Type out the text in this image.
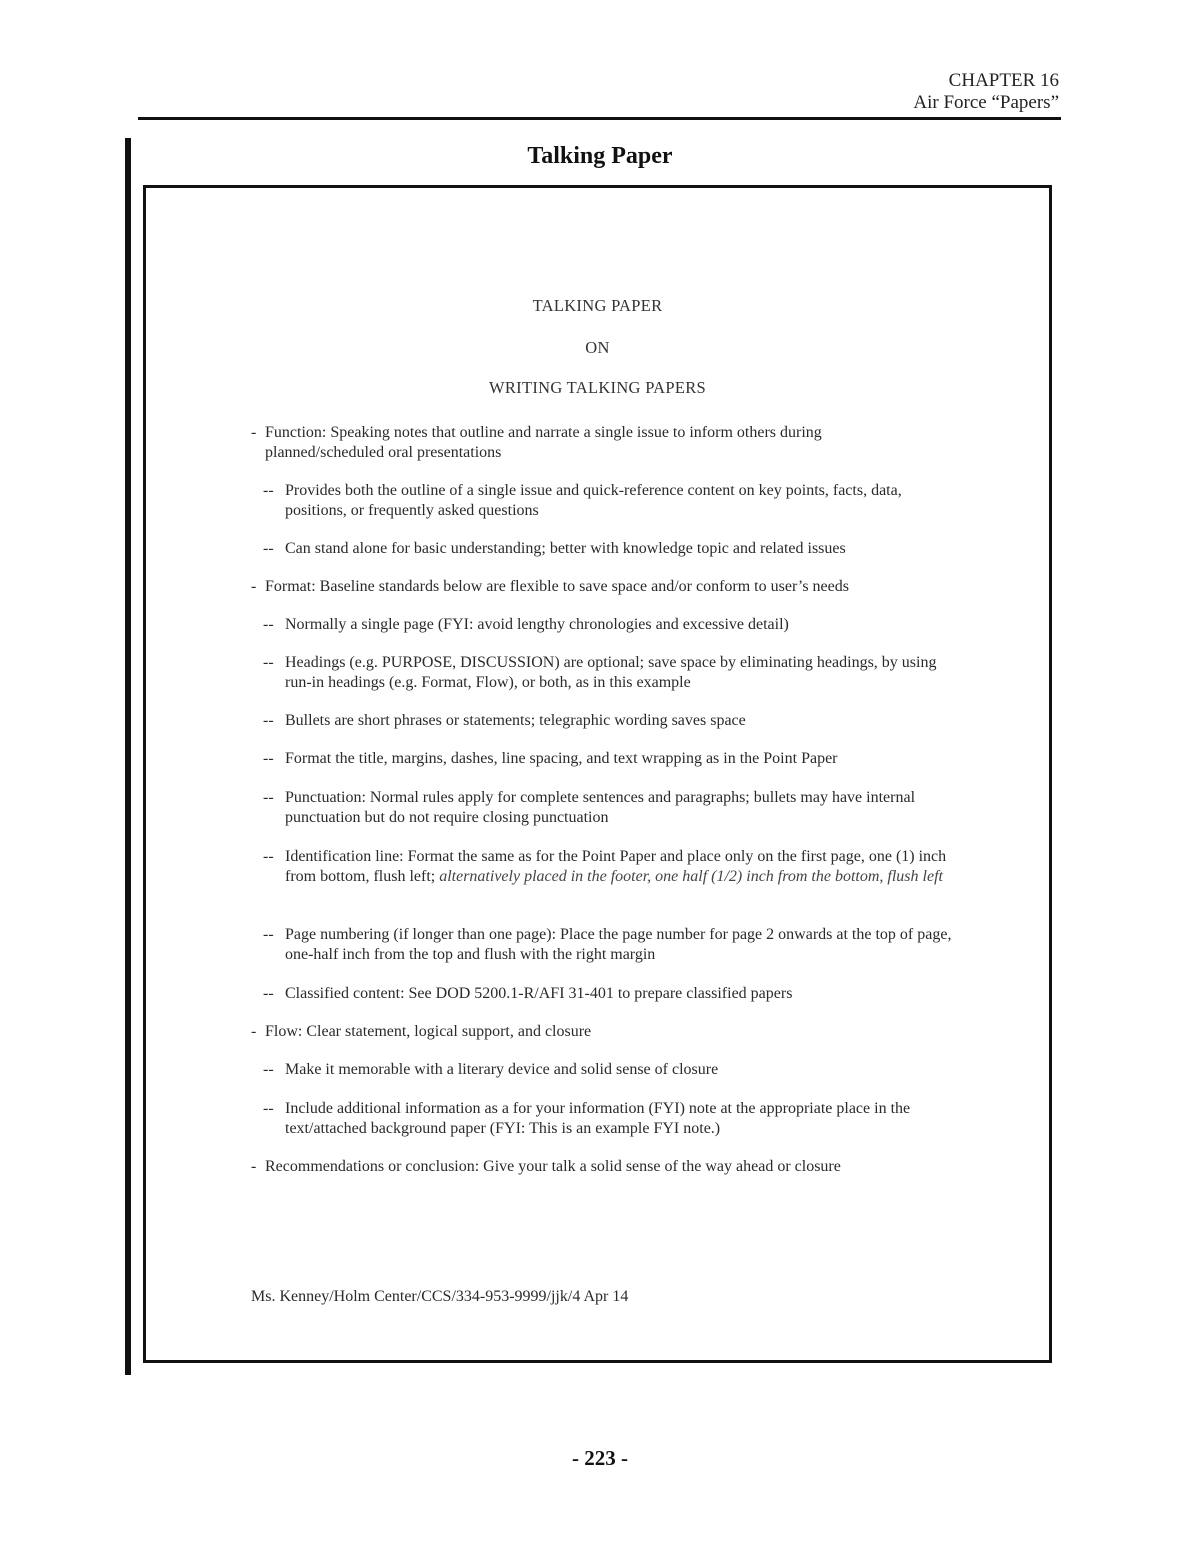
CHAPTER 16
Air Force “Papers”
Talking Paper
TALKING PAPER
ON
WRITING TALKING PAPERS
- Function: Speaking notes that outline and narrate a single issue to inform others during planned/scheduled oral presentations
-- Provides both the outline of a single issue and quick-reference content on key points, facts, data, positions, or frequently asked questions
-- Can stand alone for basic understanding; better with knowledge topic and related issues
- Format: Baseline standards below are flexible to save space and/or conform to user’s needs
-- Normally a single page (FYI: avoid lengthy chronologies and excessive detail)
-- Headings (e.g. PURPOSE, DISCUSSION) are optional; save space by eliminating headings, by using run-in headings (e.g. Format, Flow), or both, as in this example
-- Bullets are short phrases or statements; telegraphic wording saves space
-- Format the title, margins, dashes, line spacing, and text wrapping as in the Point Paper
-- Punctuation: Normal rules apply for complete sentences and paragraphs; bullets may have internal punctuation but do not require closing punctuation
-- Identification line: Format the same as for the Point Paper and place only on the first page, one (1) inch from bottom, flush left; alternatively placed in the footer, one half (1/2) inch from the bottom, flush left
-- Page numbering (if longer than one page): Place the page number for page 2 onwards at the top of page, one-half inch from the top and flush with the right margin
-- Classified content: See DOD 5200.1-R/AFI 31-401 to prepare classified papers
- Flow: Clear statement, logical support, and closure
-- Make it memorable with a literary device and solid sense of closure
-- Include additional information as a for your information (FYI) note at the appropriate place in the text/attached background paper (FYI: This is an example FYI note.)
- Recommendations or conclusion: Give your talk a solid sense of the way ahead or closure
Ms. Kenney/Holm Center/CCS/334-953-9999/jjk/4 Apr 14
- 223 -
